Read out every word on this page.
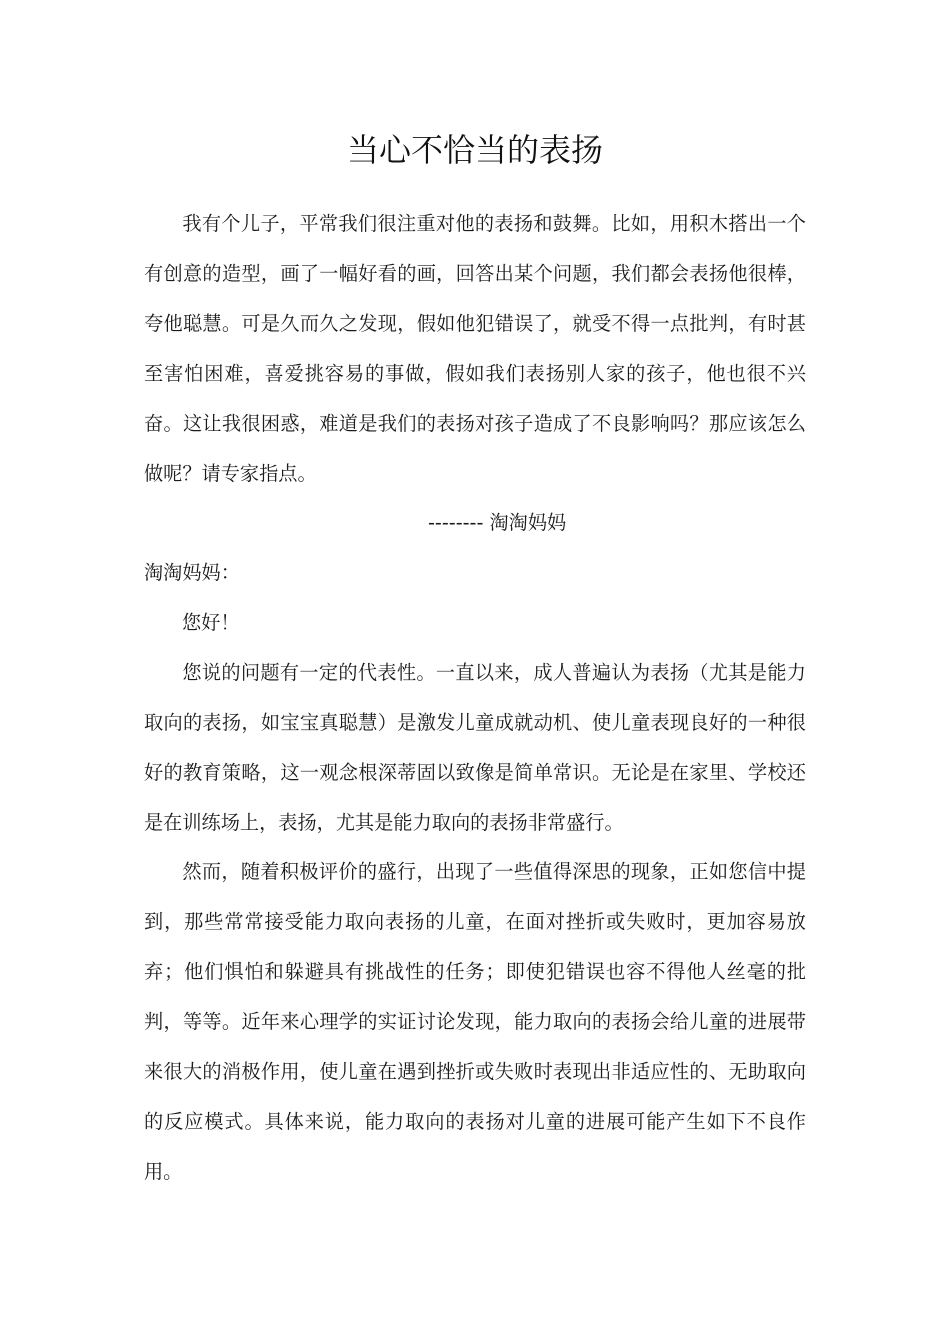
当心不恰当的表扬

我有个儿子，平常我们很注重对他的表扬和鼓舞。比如，用积木搭出一个有创意的造型，画了一幅好看的画，回答出某个问题，我们都会表扬他很棒，夸他聪慧。可是久而久之发现，假如他犯错误了，就受不得一点批判，有时甚至害怕困难，喜爱挑容易的事做，假如我们表扬别人家的孩子，他也很不兴奋。这让我很困惑，难道是我们的表扬对孩子造成了不良影响吗？那应该怎么做呢？请专家指点。

-------- 淘淘妈妈

淘淘妈妈：

您好！

您说的问题有一定的代表性。一直以来，成人普遍认为表扬（尤其是能力取向的表扬，如宝宝真聪慧）是激发儿童成就动机、使儿童表现良好的一种很好的教育策略，这一观念根深蒂固以致像是简单常识。无论是在家里、学校还是在训练场上，表扬，尤其是能力取向的表扬非常盛行。

然而，随着积极评价的盛行，出现了一些值得深思的现象，正如您信中提到，那些常常接受能力取向表扬的儿童，在面对挫折或失败时，更加容易放弃；他们惧怕和躲避具有挑战性的任务；即使犯错误也容不得他人丝毫的批判，等等。近年来心理学的实证讨论发现，能力取向的表扬会给儿童的进展带来很大的消极作用，使儿童在遇到挫折或失败时表现出非适应性的、无助取向的反应模式。具体来说，能力取向的表扬对儿童的进展可能产生如下不良作用。
